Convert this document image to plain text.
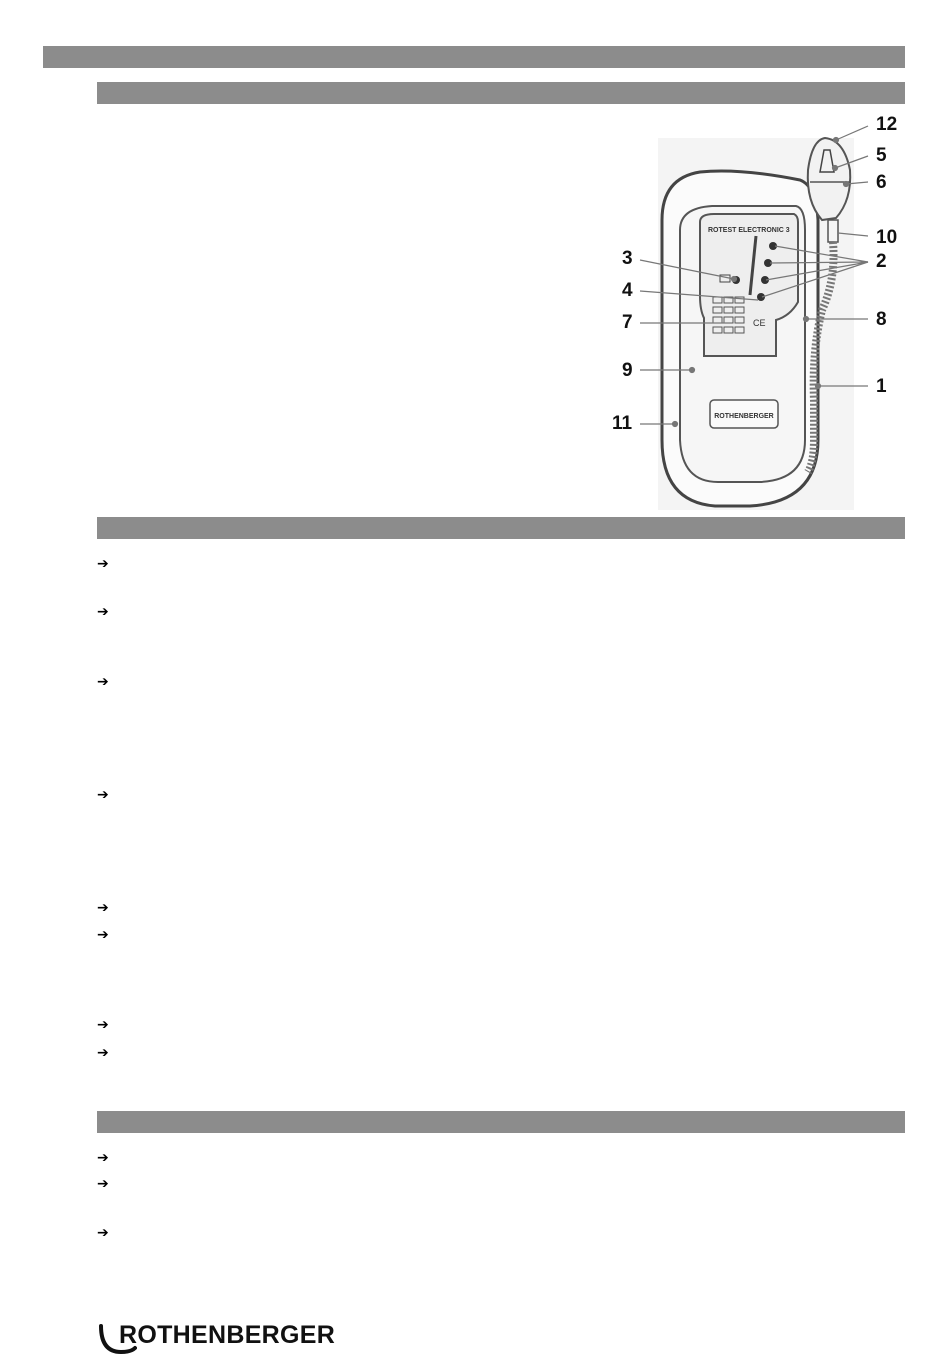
ROTEST ELECTRONIC 3
CE
ROTHENBERGER
12
5
6
10
2
3
4
8
7
9
1
11
➔
➔
➔
➔
➔
➔
➔
➔
➔
➔
➔
ROTHENBERGER
